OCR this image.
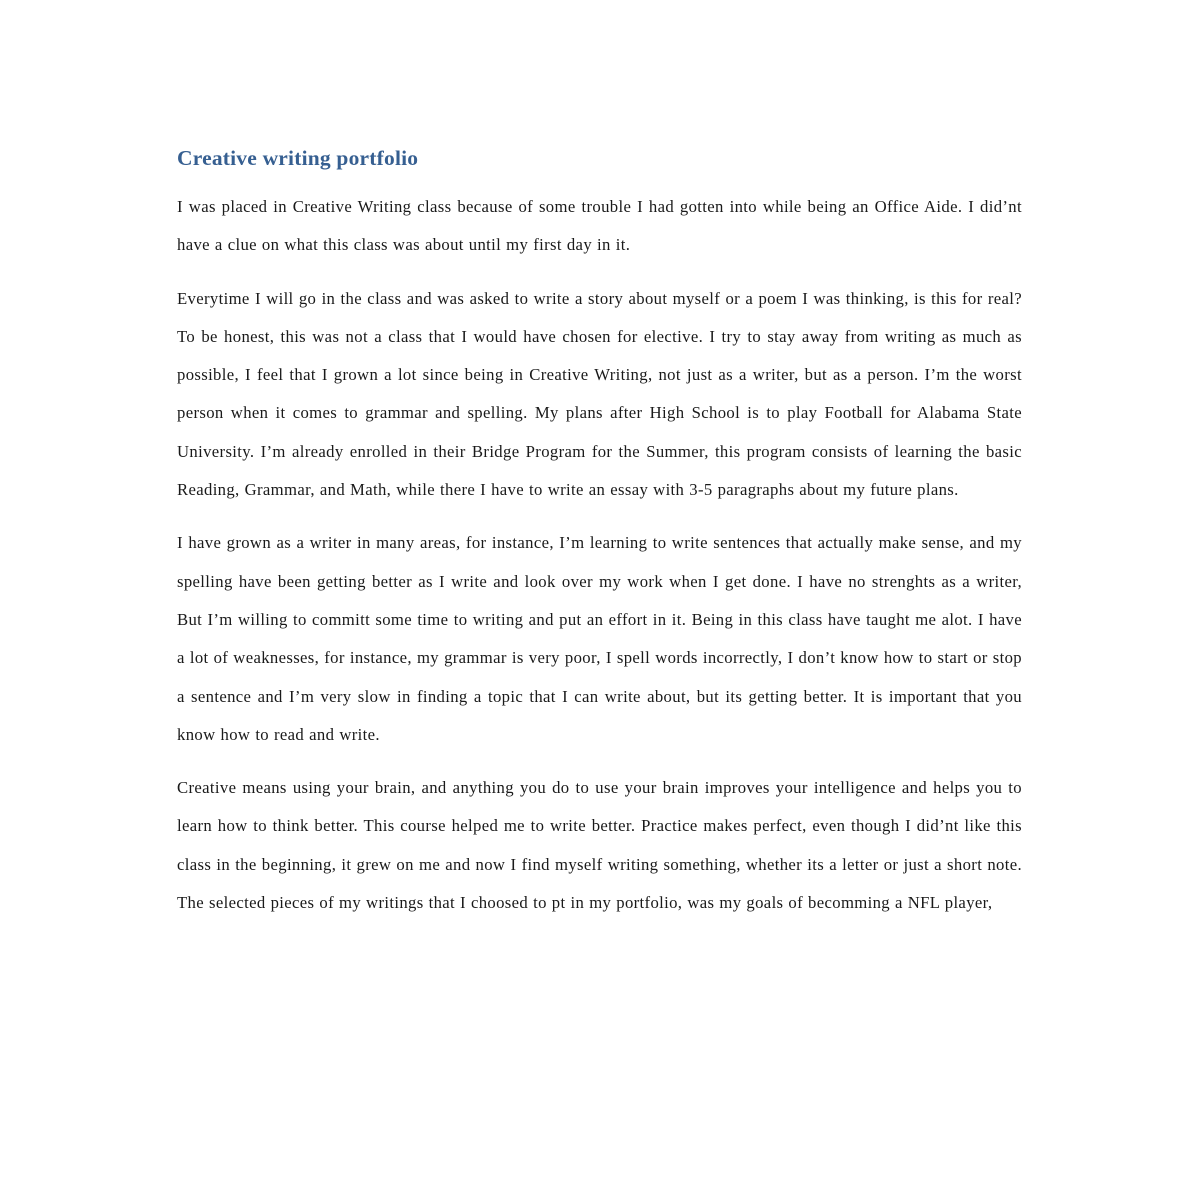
Creative writing portfolio

I was placed in Creative Writing class because of some trouble I had gotten into while being an Office Aide. I did’nt have a clue on what this class was about until my first day in it.

Everytime I will go in the class and was asked to write a story about myself or a poem I was thinking, is this for real? To be honest, this was not a class that I would have chosen for elective. I try to stay away from writing as much as possible, I feel that I grown a lot since being in Creative Writing, not just as a writer, but as a person. I’m the worst person when it comes to grammar and spelling. My plans after High School is to play Football for Alabama State University. I’m already enrolled in their Bridge Program for the Summer, this program consists of learning the basic Reading, Grammar, and Math, while there I have to write an essay with 3-5 paragraphs about my future plans.

I have grown as a writer in many areas, for instance, I’m learning to write sentences that actually make sense, and my spelling have been getting better as I write and look over my work when I get done. I have no strenghts as a writer, But I’m willing to committ some time to writing and put an effort in it. Being in this class have taught me alot. I have a lot of weaknesses, for instance, my grammar is very poor, I spell words incorrectly, I don’t know how to start or stop a sentence and I’m very slow in finding a topic that I can write about, but its getting better. It is important that you know how to read and write.

Creative means using your brain, and anything you do to use your brain improves your intelligence and helps you to learn how to think better. This course helped me to write better. Practice makes perfect, even though I did’nt like this class in the beginning, it grew on me and now I find myself writing something, whether its a letter or just a short note. The selected pieces of my writings that I choosed to pt in my portfolio, was my goals of becomming a NFL player,
